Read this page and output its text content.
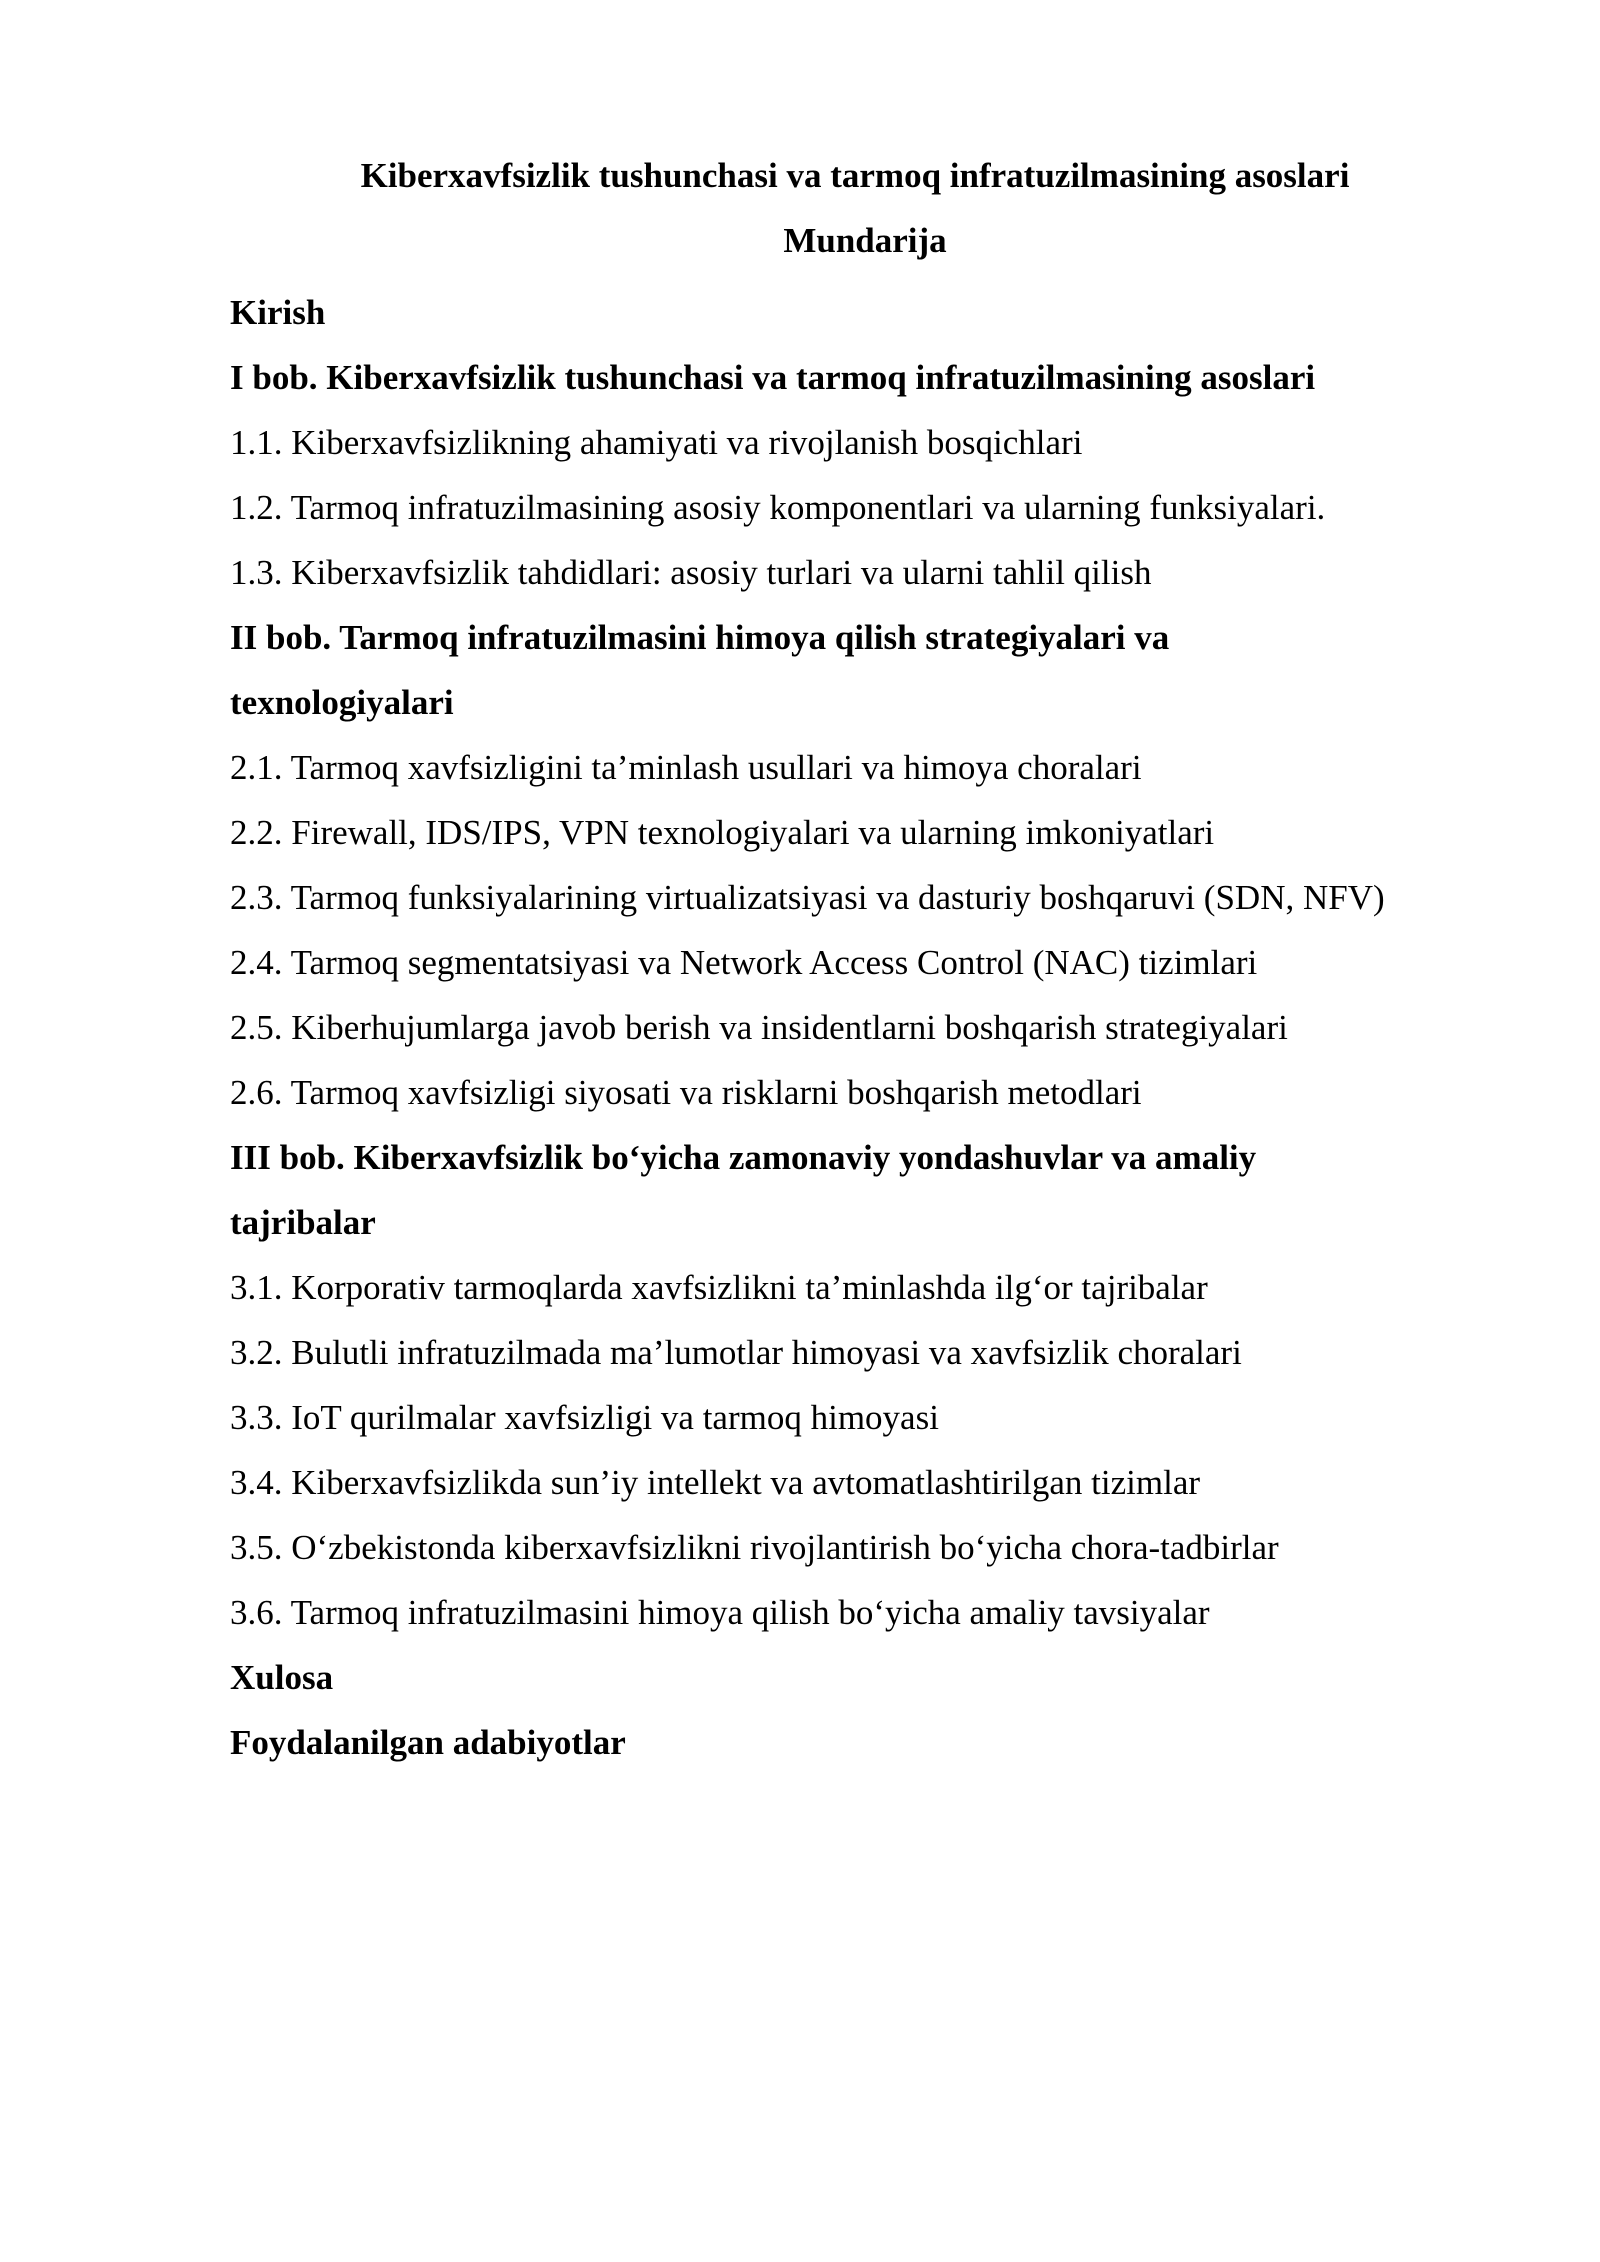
Kiberxavfsizlik tushunchasi va tarmoq infratuzilmasining asoslari
Mundarija
Kirish
I bob. Kiberxavfsizlik tushunchasi va tarmoq infratuzilmasining asoslari
1.1. Kiberxavfsizlikning ahamiyati va rivojlanish bosqichlari
1.2. Tarmoq infratuzilmasining asosiy komponentlari va ularning funksiyalari.
1.3. Kiberxavfsizlik tahdidlari: asosiy turlari va ularni tahlil qilish
II bob. Tarmoq infratuzilmasini himoya qilish strategiyalari va texnologiyalari
2.1. Tarmoq xavfsizligini ta’minlash usullari va himoya choralari
2.2. Firewall, IDS/IPS, VPN texnologiyalari va ularning imkoniyatlari
2.3. Tarmoq funksiyalarining virtualizatsiyasi va dasturiy boshqaruvi (SDN, NFV)
2.4. Tarmoq segmentatsiyasi va Network Access Control (NAC) tizimlari
2.5. Kiberhujumlarga javob berish va insidentlarni boshqarish strategiyalari
2.6. Tarmoq xavfsizligi siyosati va risklarni boshqarish metodlari
III bob. Kiberxavfsizlik bo‘yicha zamonaviy yondashuvlar va amaliy tajribalar
3.1. Korporativ tarmoqlarda xavfsizlikni ta’minlashda ilg‘or tajribalar
3.2. Bulutli infratuzilmada ma’lumotlar himoyasi va xavfsizlik choralari
3.3. IoT qurilmalar xavfsizligi va tarmoq himoyasi
3.4. Kiberxavfsizlikda sun’iy intellekt va avtomatlashtirilgan tizimlar
3.5. O‘zbekistonda kiberxavfsizlikni rivojlantirish bo‘yicha chora-tadbirlar
3.6. Tarmoq infratuzilmasini himoya qilish bo‘yicha amaliy tavsiyalar
Xulosa
Foydalanilgan adabiyotlar
